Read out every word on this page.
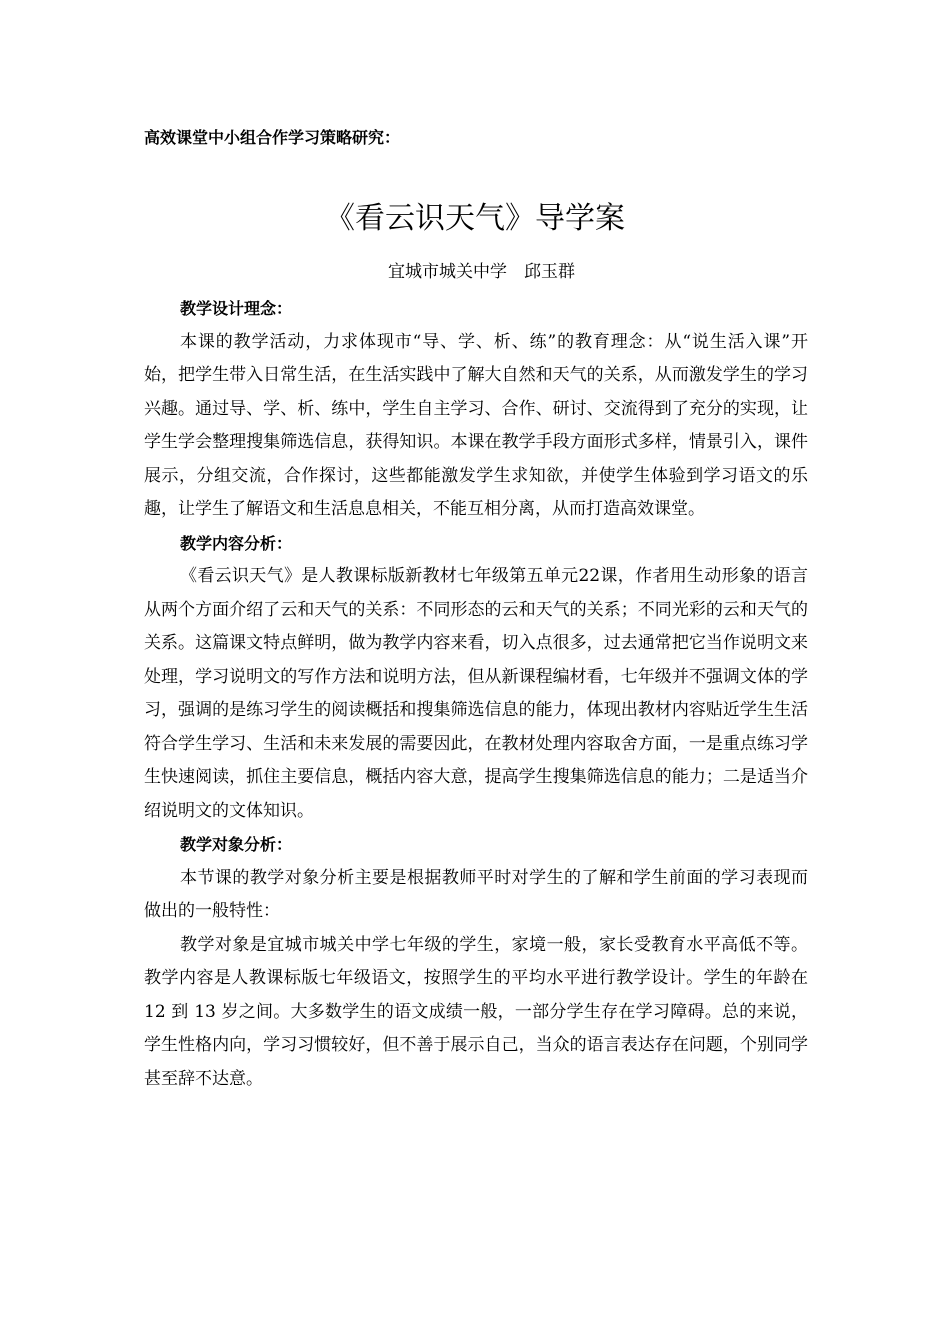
高效课堂中小组合作学习策略研究：
《看云识天气》导学案
宜城市城关中学　邱玉群

教学设计理念：

本课的教学活动，力求体现市“导、学、析、练”的教育理念：从“说生活入课”开始，把学生带入日常生活，在生活实践中了解大自然和天气的关系，从而激发学生的学习兴趣。通过导、学、析、练中，学生自主学习、合作、研讨、交流得到了充分的实现，让学生学会整理搜集筛选信息，获得知识。本课在教学手段方面形式多样，情景引入，课件展示，分组交流，合作探讨，这些都能激发学生求知欲，并使学生体验到学习语文的乐趣，让学生了解语文和生活息息相关，不能互相分离，从而打造高效课堂。

教学内容分析：

《看云识天气》是人教课标版新教材七年级第五单元22课，作者用生动形象的语言从两个方面介绍了云和天气的关系：不同形态的云和天气的关系；不同光彩的云和天气的关系。这篇课文特点鲜明，做为教学内容来看，切入点很多，过去通常把它当作说明文来处理，学习说明文的写作方法和说明方法，但从新课程编材看，七年级并不强调文体的学习，强调的是练习学生的阅读概括和搜集筛选信息的能力，体现出教材内容贴近学生生活符合学生学习、生活和未来发展的需要因此，在教材处理内容取舍方面，一是重点练习学生快速阅读，抓住主要信息，概括内容大意，提高学生搜集筛选信息的能力；二是适当介绍说明文的文体知识。

教学对象分析：

本节课的教学对象分析主要是根据教师平时对学生的了解和学生前面的学习表现而做出的一般特性：

教学对象是宜城市城关中学七年级的学生，家境一般，家长受教育水平高低不等。教学内容是人教课标版七年级语文，按照学生的平均水平进行教学设计。学生的年龄在 12 到 13 岁之间。大多数学生的语文成绩一般，一部分学生存在学习障碍。总的来说，学生性格内向，学习习惯较好，但不善于展示自己，当众的语言表达存在问题，个别同学甚至辞不达意。
